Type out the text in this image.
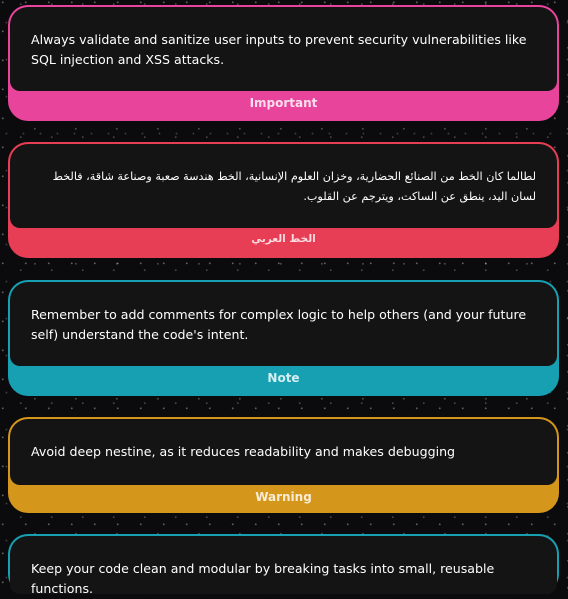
Always validate and sanitize user inputs to prevent security vulnerabilities like SQL injection and XSS attacks.
Important
لطالما كان الخط من الصنائع الحضارية، وخزان العلوم الإنسانية، الخط هندسة صعبة وصناعة شاقة، فالخط لسان اليد، ينطق عن الساكت، ويترجم عن القلوب.
الخط العربي
Remember to add comments for complex logic to help others (and your future self) understand the code's intent.
Note
Avoid deep nestine, as it reduces readability and makes debugging
Warning
Keep your code clean and modular by breaking tasks into small, reusable functions.
